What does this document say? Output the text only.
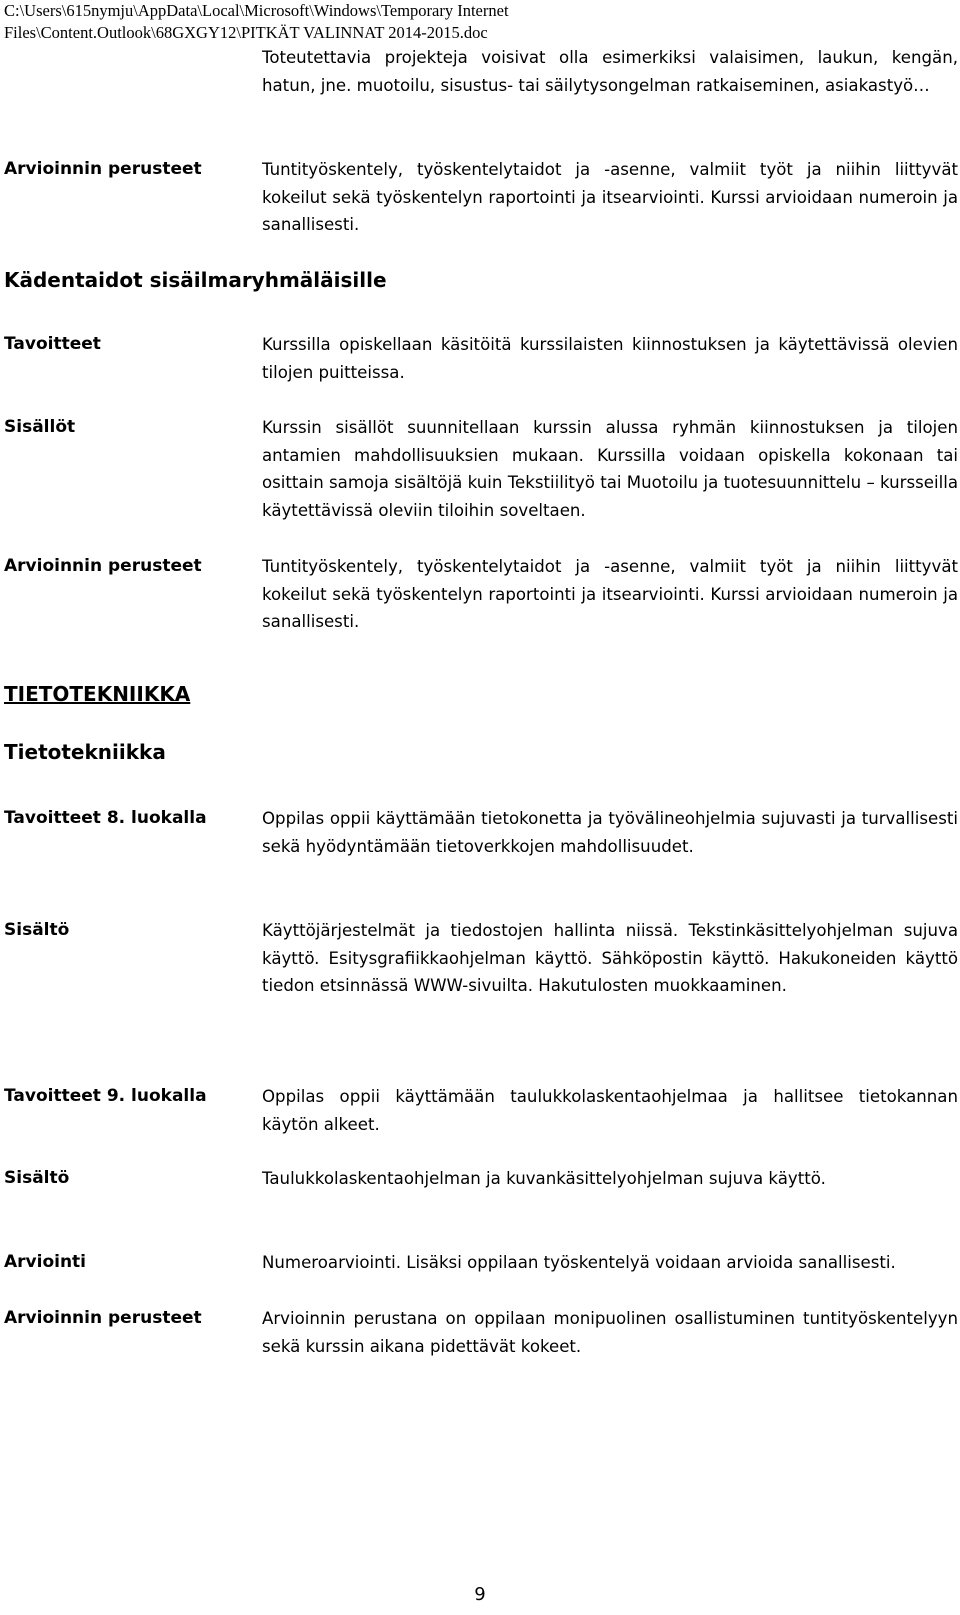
C:\Users\615nymju\AppData\Local\Microsoft\Windows\Temporary Internet
Files\Content.Outlook\68GXGY12\PITKÄT VALINNAT 2014-2015.doc
Toteutettavia projekteja voisivat olla esimerkiksi valaisimen, laukun, kengän, hatun, jne. muotoilu, sisustus- tai säilytysongelman ratkaiseminen, asiakastyö…
Arvioinnin perusteet	Tuntityöskentely, työskentelytaidot ja -asenne, valmiit työt ja niihin liittyvät kokeilut sekä työskentelyn raportointi ja itsearviointi. Kurssi arvioidaan numeroin ja sanallisesti.
Kädentaidot sisäilmaryhmäläisille
Tavoitteet	Kurssilla opiskellaan käsitöitä kurssilaisten kiinnostuksen ja käytettävissä olevien tilojen puitteissa.
Sisällöt	Kurssin sisällöt suunnitellaan kurssin alussa ryhmän kiinnostuksen ja tilojen antamien mahdollisuuksien mukaan. Kurssilla voidaan opiskella kokonaan tai osittain samoja sisältöjä kuin Tekstiilityö tai Muotoilu ja tuotesuunnittelu – kursseilla käytettävissä oleviin tiloihin soveltaen.
Arvioinnin perusteet	Tuntityöskentely, työskentelytaidot ja -asenne, valmiit työt ja niihin liittyvät kokeilut sekä työskentelyn raportointi ja itsearviointi. Kurssi arvioidaan numeroin ja sanallisesti.
TIETOTEKNIIKKA
Tietotekniikka
Tavoitteet 8. luokalla	Oppilas oppii käyttämään tietokonetta ja työvälineohjelmia sujuvasti ja turvallisesti sekä hyödyntämään tietoverkkojen mahdollisuudet.
Sisältö	Käyttöjärjestelmät ja tiedostojen hallinta niissä. Tekstinkäsittelyohjelman sujuva käyttö. Esitysgrafiikkaohjelman käyttö. Sähköpostin käyttö. Hakukoneiden käyttö tiedon etsinnässä WWW-sivuilta. Hakutulosten muokkaaminen.
Tavoitteet 9. luokalla	Oppilas oppii käyttämään taulukkolaskentaohjelmaa ja hallitsee tietokannan käytön alkeet.
Sisältö	Taulukkolaskentaohjelman ja kuvankäsittelyohjelman sujuva käyttö.
Arviointi	Numeroarviointi. Lisäksi oppilaan työskentelyä voidaan arvioida sanallisesti.
Arvioinnin perusteet	Arvioinnin perustana on oppilaan monipuolinen osallistuminen tuntityöskentelyyn sekä kurssin aikana pidettävät kokeet.
9
